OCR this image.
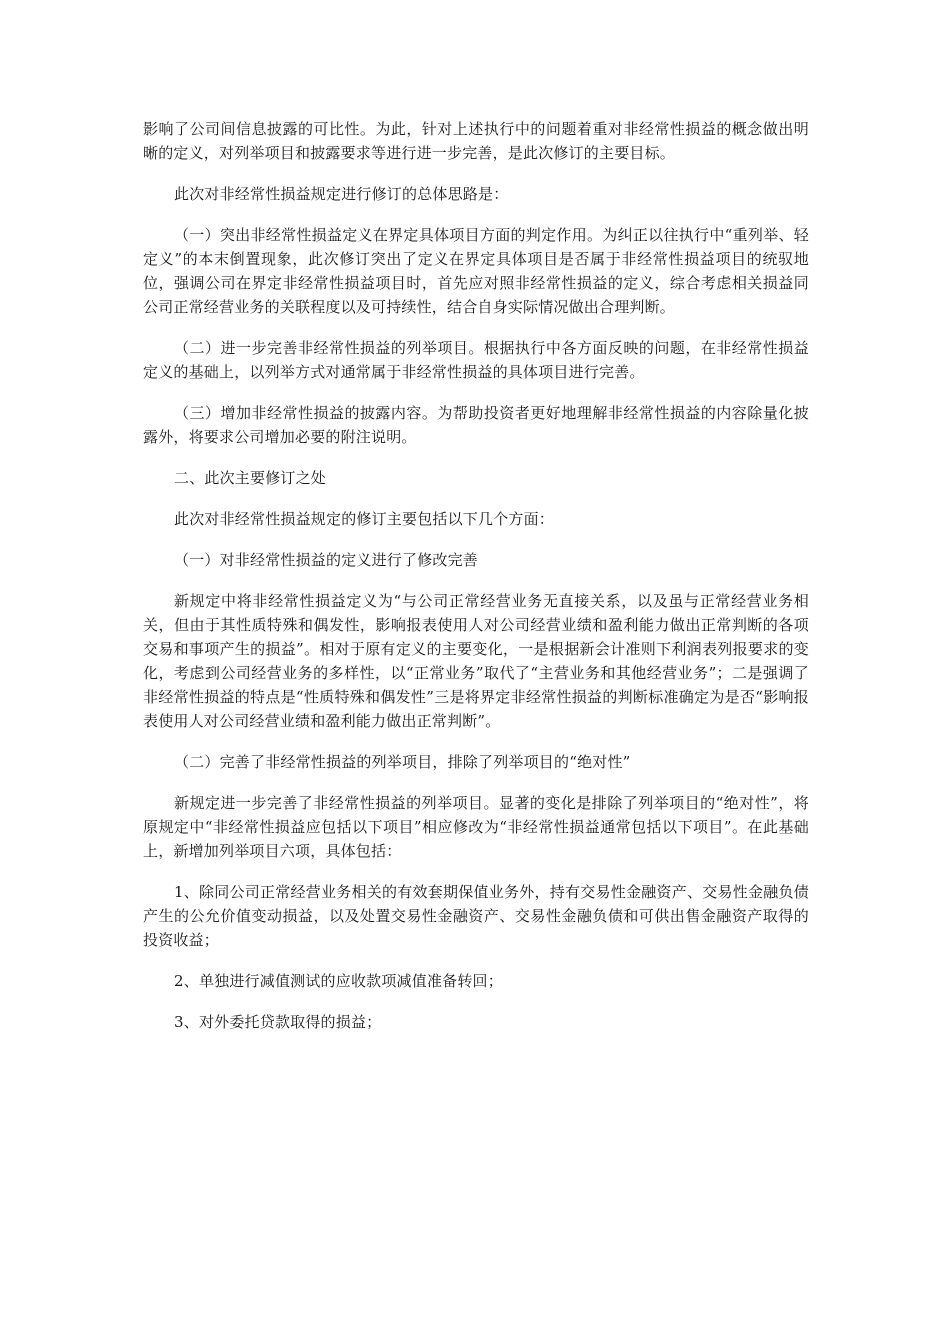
影响了公司间信息披露的可比性。为此，针对上述执行中的问题着重对非经常性损益的概念做出明晰的定义，对列举项目和披露要求等进行进一步完善，是此次修订的主要目标。

此次对非经常性损益规定进行修订的总体思路是：

（一）突出非经常性损益定义在界定具体项目方面的判定作用。为纠正以往执行中“重列举、轻定义”的本末倒置现象，此次修订突出了定义在界定具体项目是否属于非经常性损益项目的统驭地位，强调公司在界定非经常性损益项目时，首先应对照非经常性损益的定义，综合考虑相关损益同公司正常经营业务的关联程度以及可持续性，结合自身实际情况做出合理判断。

（二）进一步完善非经常性损益的列举项目。根据执行中各方面反映的问题，在非经常性损益定义的基础上，以列举方式对通常属于非经常性损益的具体项目进行完善。

（三）增加非经常性损益的披露内容。为帮助投资者更好地理解非经常性损益的内容除量化披露外，将要求公司增加必要的附注说明。

二、此次主要修订之处

此次对非经常性损益规定的修订主要包括以下几个方面：

（一）对非经常性损益的定义进行了修改完善

新规定中将非经常性损益定义为“与公司正常经营业务无直接关系，以及虽与正常经营业务相关，但由于其性质特殊和偶发性，影响报表使用人对公司经营业绩和盈利能力做出正常判断的各项交易和事项产生的损益”。相对于原有定义的主要变化，一是根据新会计准则下利润表列报要求的变化，考虑到公司经营业务的多样性，以“正常业务”取代了“主营业务和其他经营业务”；二是强调了非经常性损益的特点是“性质特殊和偶发性”三是将界定非经常性损益的判断标准确定为是否“影响报表使用人对公司经营业绩和盈利能力做出正常判断”。

（二）完善了非经常性损益的列举项目，排除了列举项目的“绝对性”

新规定进一步完善了非经常性损益的列举项目。显著的变化是排除了列举项目的“绝对性”，将原规定中“非经常性损益应包括以下项目”相应修改为“非经常性损益通常包括以下项目”。在此基础上，新增加列举项目六项，具体包括：

1、除同公司正常经营业务相关的有效套期保值业务外，持有交易性金融资产、交易性金融负债产生的公允价值变动损益，以及处置交易性金融资产、交易性金融负债和可供出售金融资产取得的投资收益；

2、单独进行减值测试的应收款项减值准备转回；

3、对外委托贷款取得的损益；
